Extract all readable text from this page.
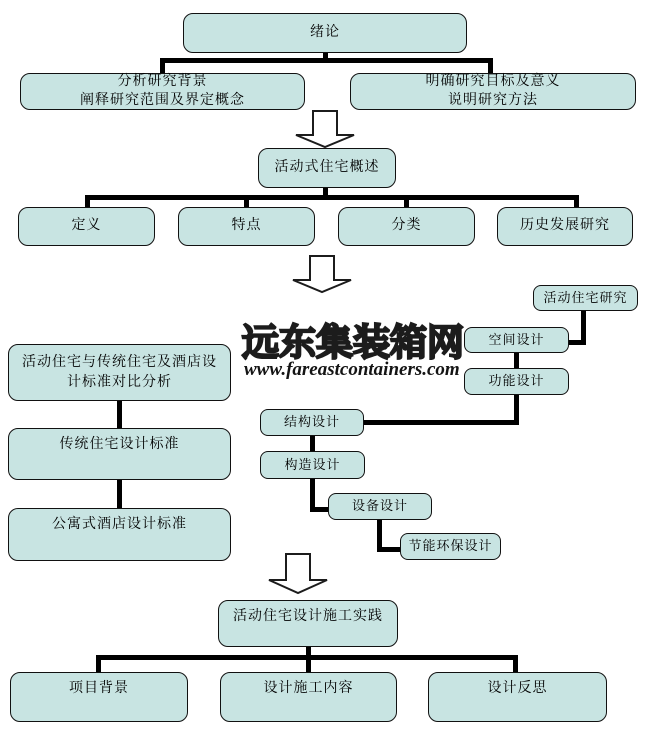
远东集装箱网
www.fareastcontainers.com
绪论
分析研究背景
阐释研究范围及界定概念
明确研究目标及意义
说明研究方法
活动式住宅概述
定义	特点	分类	历史发展研究
活动住宅研究
空间设计
功能设计
结构设计
构造设计
设备设计
节能环保设计
活动住宅与传统住宅及酒店设
计标准对比分析
传统住宅设计标准
公寓式酒店设计标准
活动住宅设计施工实践
项目背景	设计施工内容	设计反思
